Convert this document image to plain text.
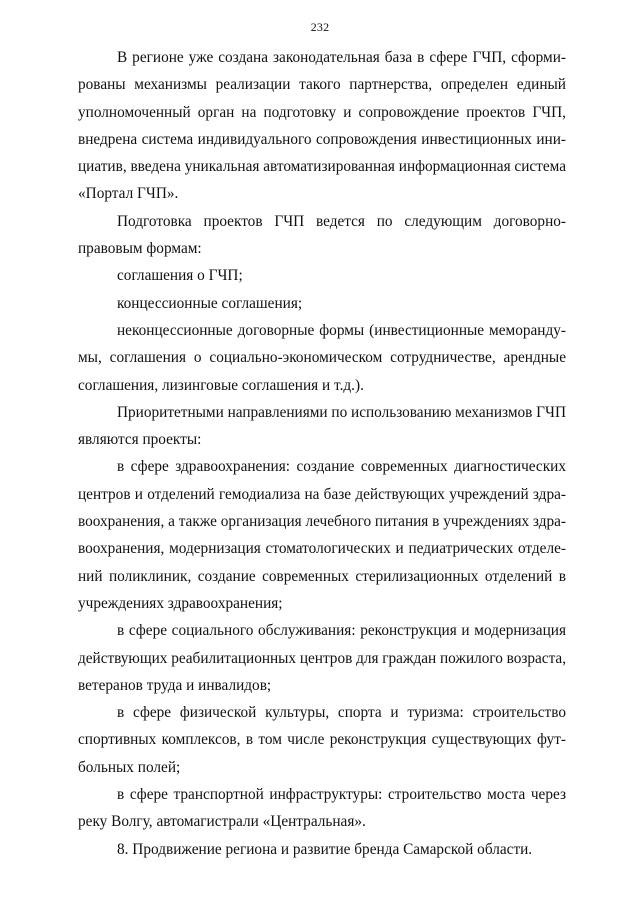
232
В регионе уже создана законодательная база в сфере ГЧП, сформи-
рованы механизмы реализации такого партнерства, определен единый
уполномоченный орган на подготовку и сопровождение проектов ГЧП,
внедрена система индивидуального сопровождения инвестиционных ини-
циатив, введена уникальная автоматизированная информационная система
«Портал ГЧП».
Подготовка проектов ГЧП ведется по следующим договорно-
правовым формам:
соглашения о ГЧП;
концессионные соглашения;
неконцессионные договорные формы (инвестиционные меморанду-
мы, соглашения о социально-экономическом сотрудничестве, арендные
соглашения, лизинговые соглашения и т.д.).
Приоритетными направлениями по использованию механизмов ГЧП
являются проекты:
в сфере здравоохранения: создание современных диагностических
центров и отделений гемодиализа на базе действующих учреждений здра-
воохранения, а также организация лечебного питания в учреждениях здра-
воохранения, модернизация стоматологических и педиатрических отделе-
ний поликлиник, создание современных стерилизационных отделений в
учреждениях здравоохранения;
в сфере социального обслуживания: реконструкция и модернизация
действующих реабилитационных центров для граждан пожилого возраста,
ветеранов труда и инвалидов;
в сфере физической культуры, спорта и туризма: строительство
спортивных комплексов, в том числе реконструкция существующих фут-
больных полей;
в сфере транспортной инфраструктуры: строительство моста через
реку Волгу, автомагистрали «Центральная».
8. Продвижение региона и развитие бренда Самарской области.
